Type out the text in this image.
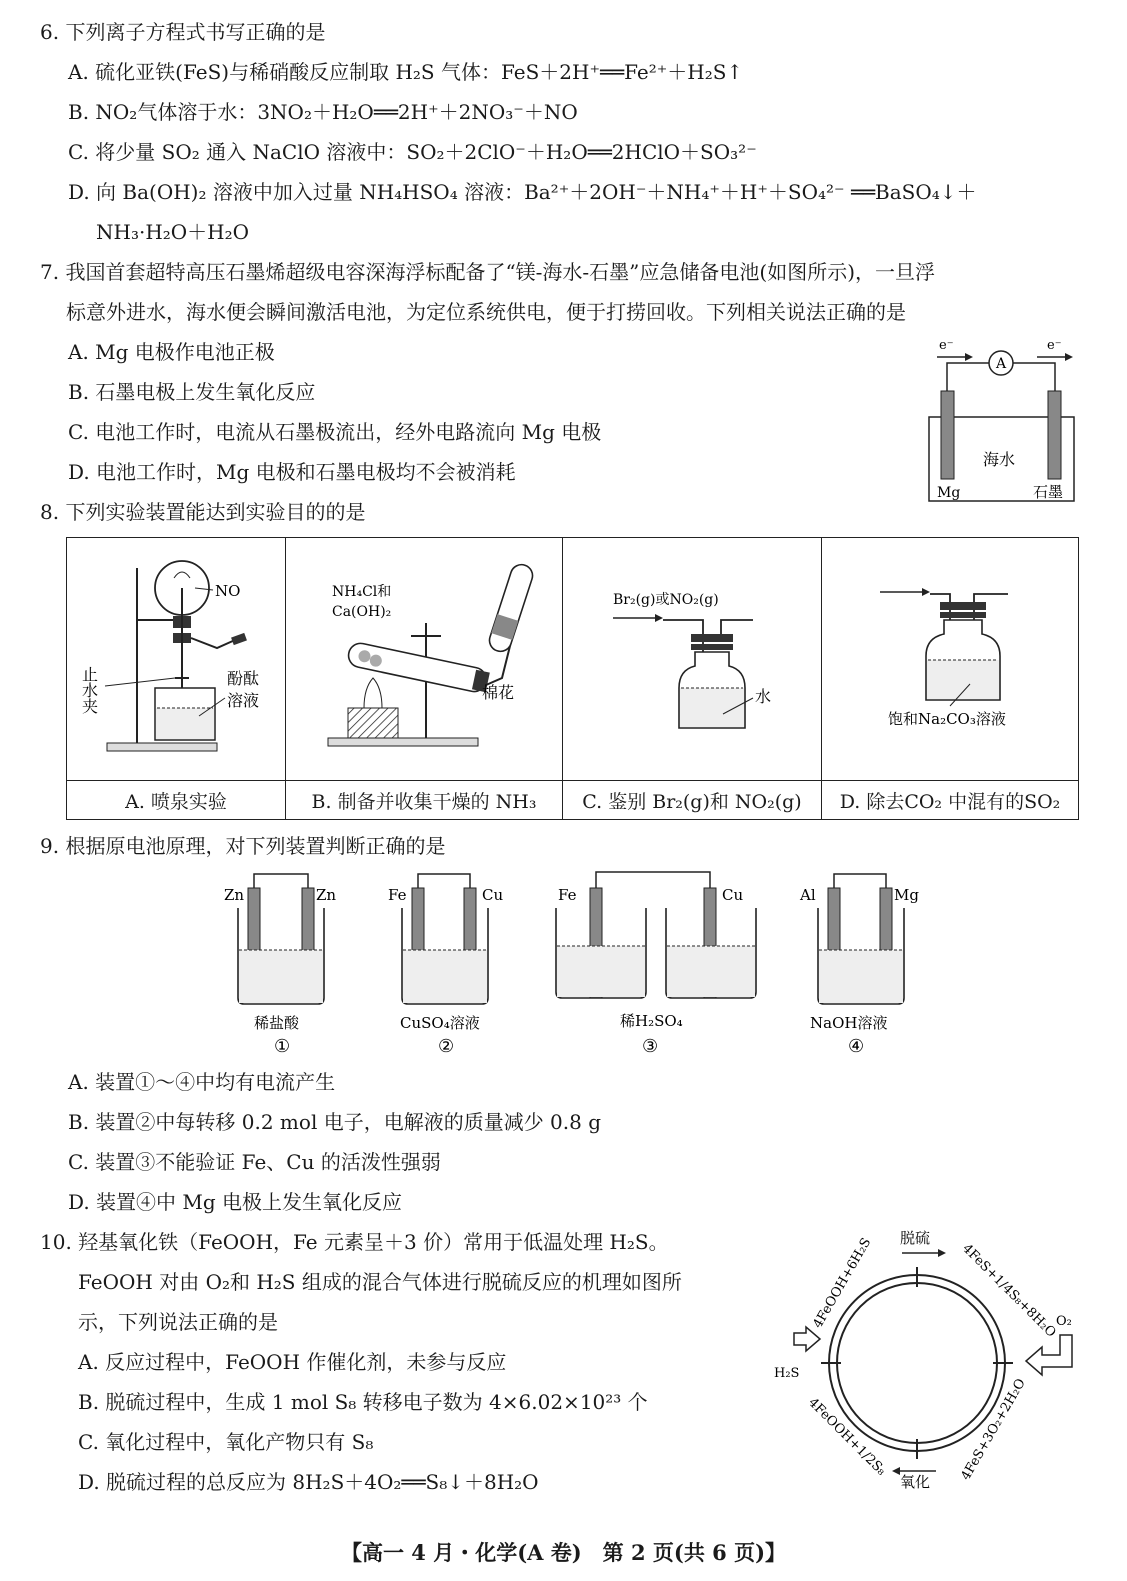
6. 下列离子方程式书写正确的是
A. 硫化亚铁(FeS)与稀硝酸反应制取 H₂S 气体：FeS＋2H⁺══Fe²⁺＋H₂S↑
B. NO₂气体溶于水：3NO₂＋H₂O══2H⁺＋2NO₃⁻＋NO
C. 将少量 SO₂ 通入 NaClO 溶液中：SO₂＋2ClO⁻＋H₂O══2HClO＋SO₃²⁻
D. 向 Ba(OH)₂ 溶液中加入过量 NH₄HSO₄ 溶液：Ba²⁺＋2OH⁻＋NH₄⁺＋H⁺＋SO₄²⁻ ══BaSO₄↓＋
NH₃·H₂O＋H₂O
7. 我国首套超特高压石墨烯超级电容深海浮标配备了“镁-海水-石墨”应急储备电池(如图所示)，一旦浮
标意外进水，海水便会瞬间激活电池，为定位系统供电，便于打捞回收。下列相关说法正确的是
A. Mg 电极作电池正极
B. 石墨电极上发生氧化反应
C. 电池工作时，电流从石墨极流出，经外电路流向 Mg 电极
D. 电池工作时，Mg 电极和石墨电极均不会被消耗
e⁻	e⁻
A
海水
Mg	石墨
8. 下列实验装置能达到实验目的的是
NO
止水夹 酚酞
溶液	NH₄Cl和
Ca(OH)₂
棉花	Br₂(g)或NO₂(g)
水	饱和Na₂CO₃溶液

A. 喷泉实验	B. 制备并收集干燥的 NH₃	C. 鉴别 Br₂(g)和 NO₂(g)	D. 除去CO₂ 中混有的SO₂
9. 根据原电池原理，对下列装置判断正确的是
Zn	Zn
稀盐酸
①
Fe	Cu
CuSO₄溶液
②
Fe	Cu
稀H₂SO₄
③
Al	Mg
NaOH溶液
④
A. 装置①～④中均有电流产生
B. 装置②中每转移 0.2 mol 电子，电解液的质量减少 0.8 g
C. 装置③不能验证 Fe、Cu 的活泼性强弱
D. 装置④中 Mg 电极上发生氧化反应
10. 羟基氧化铁（FeOOH，Fe 元素呈＋3 价）常用于低温处理 H₂S。
FeOOH 对由 O₂和 H₂S 组成的混合气体进行脱硫反应的机理如图所
示，下列说法正确的是
A. 反应过程中，FeOOH 作催化剂，未参与反应
B. 脱硫过程中，生成 1 mol S₈ 转移电子数为 4×6.02×10²³ 个
C. 氧化过程中，氧化产物只有 S₈
D. 脱硫过程的总反应为 8H₂S＋4O₂══S₈↓＋8H₂O
脱硫
氧化
H₂S
O₂
4FeOOH+6H₂S	4FeS+1/4S₈+8H₂O
4FeOOH+1/2S₈	4FeS+3O₂+2H₂O
【高一 4 月・化学(A 卷)　第 2 页(共 6 页)】
